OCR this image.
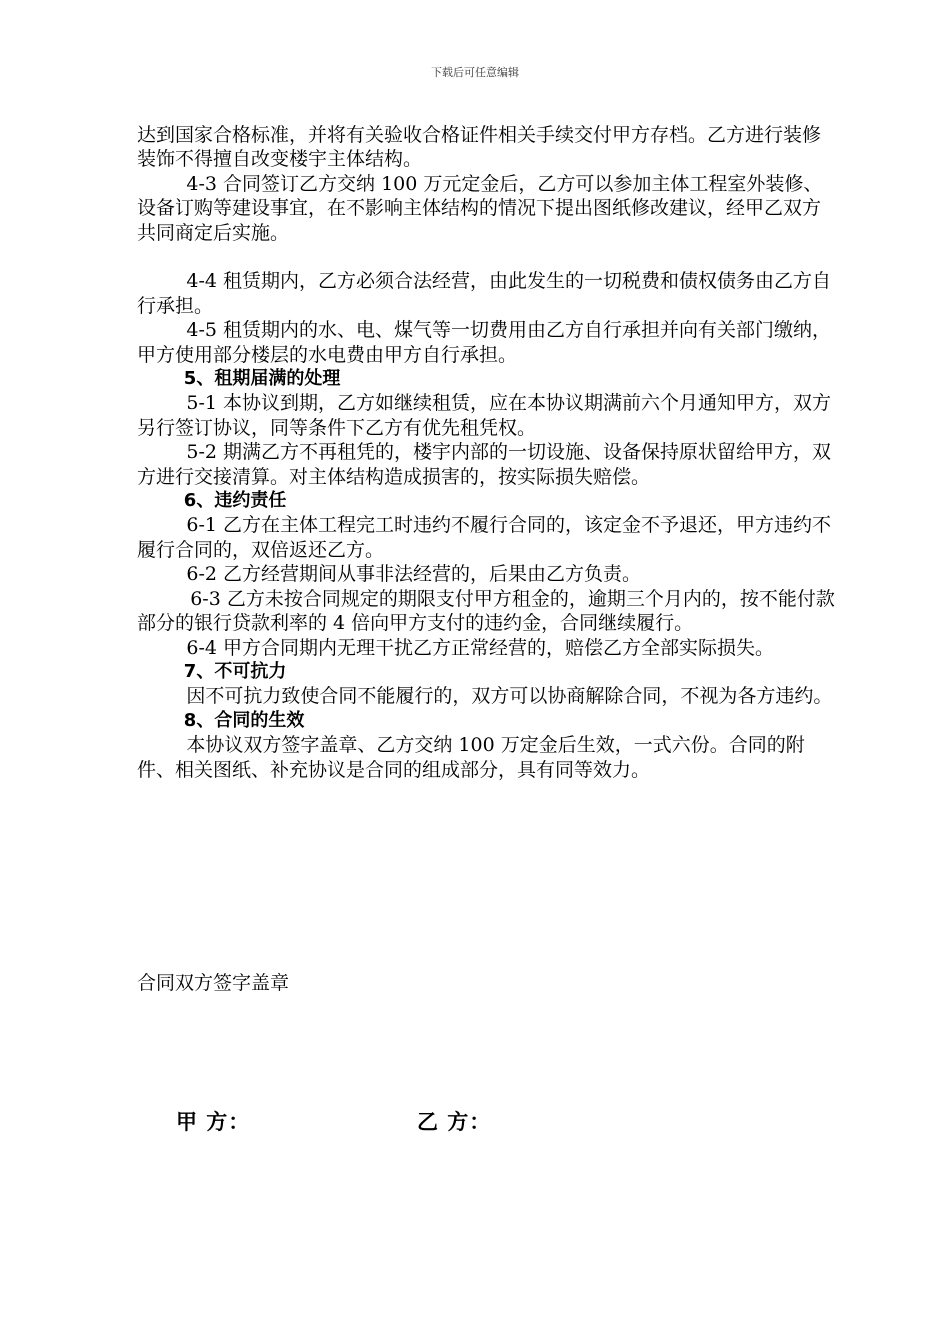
下载后可任意编辑

达到国家合格标准，并将有关验收合格证件相关手续交付甲方存档。乙方进行装修装饰不得擅自改变楼宇主体结构。

4-3 合同签订乙方交纳 100 万元定金后，乙方可以参加主体工程室外装修、设备订购等建设事宜，在不影响主体结构的情况下提出图纸修改建议，经甲乙双方共同商定后实施。

4-4 租赁期内，乙方必须合法经营，由此发生的一切税费和债权债务由乙方自行承担。

4-5 租赁期内的水、电、煤气等一切费用由乙方自行承担并向有关部门缴纳，甲方使用部分楼层的水电费由甲方自行承担。

5、租期届满的处理

5-1 本协议到期，乙方如继续租赁，应在本协议期满前六个月通知甲方，双方另行签订协议，同等条件下乙方有优先租凭权。

5-2 期满乙方不再租凭的，楼宇内部的一切设施、设备保持原状留给甲方，双方进行交接清算。对主体结构造成损害的，按实际损失赔偿。

6、违约责任

6-1 乙方在主体工程完工时违约不履行合同的，该定金不予退还，甲方违约不履行合同的，双倍返还乙方。

6-2 乙方经营期间从事非法经营的，后果由乙方负责。

6-3 乙方未按合同规定的期限支付甲方租金的，逾期三个月内的，按不能付款部分的银行贷款利率的 4 倍向甲方支付的违约金，合同继续履行。

6-4 甲方合同期内无理干扰乙方正常经营的，赔偿乙方全部实际损失。

7、不可抗力

因不可抗力致使合同不能履行的，双方可以协商解除合同，不视为各方违约。

8、合同的生效

本协议双方签字盖章、乙方交纳 100 万定金后生效，一式六份。合同的附件、相关图纸、补充协议是合同的组成部分，具有同等效力。

合同双方签字盖章
甲 方：	乙 方：
